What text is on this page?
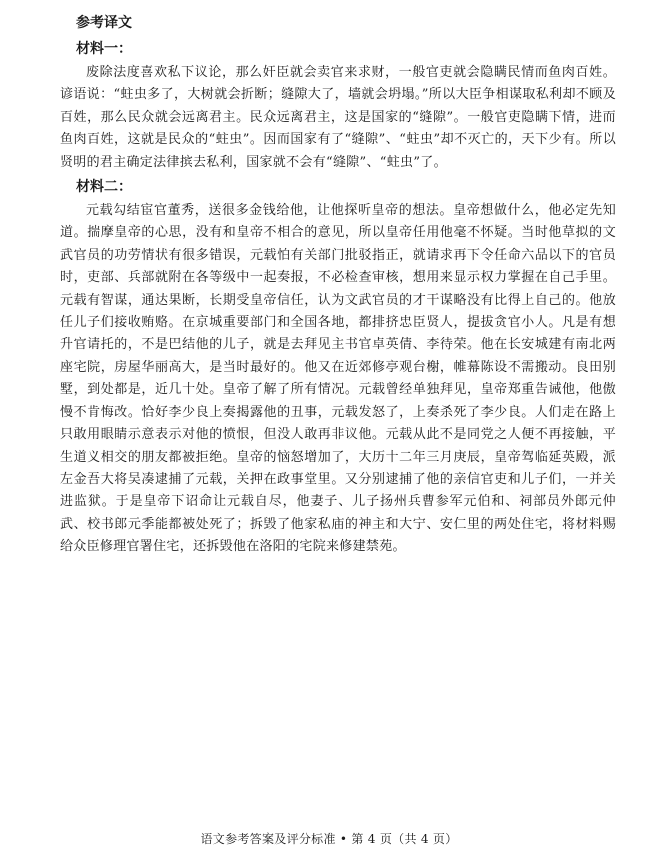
参考译文
材料一：

废除法度喜欢私下议论，那么奸臣就会卖官来求财，一般官吏就会隐瞒民情而鱼肉百姓。谚语说：“蛀虫多了，大树就会折断；缝隙大了，墙就会坍塌。”所以大臣争相谋取私利却不顾及百姓，那么民众就会远离君主。民众远离君主，这是国家的“缝隙”。一般官吏隐瞒下情，进而鱼肉百姓，这就是民众的“蛀虫”。因而国家有了“缝隙”、“蛀虫”却不灭亡的，天下少有。所以贤明的君主确定法律摈去私利，国家就不会有“缝隙”、“蛀虫”了。

材料二：

元载勾结宦官董秀，送很多金钱给他，让他探听皇帝的想法。皇帝想做什么，他必定先知道。揣摩皇帝的心思，没有和皇帝不相合的意见，所以皇帝任用他毫不怀疑。当时他草拟的文武官员的功劳情状有很多错误，元载怕有关部门批驳指正，就请求再下令任命六品以下的官员时，吏部、兵部就附在各等级中一起奏报，不必检查审核，想用来显示权力掌握在自己手里。元载有智谋，通达果断，长期受皇帝信任，认为文武官员的才干谋略没有比得上自己的。他放任儿子们接收贿赂。在京城重要部门和全国各地，都排挤忠臣贤人，提拔贪官小人。凡是有想升官请托的，不是巴结他的儿子，就是去拜见主书官卓英倩、李待荣。他在长安城建有南北两座宅院，房屋华丽高大，是当时最好的。他又在近郊修亭观台榭，帷幕陈设不需搬动。良田别墅，到处都是，近几十处。皇帝了解了所有情况。元载曾经单独拜见，皇帝郑重告诫他，他傲慢不肯悔改。恰好李少良上奏揭露他的丑事，元载发怒了，上奏杀死了李少良。人们走在路上只敢用眼睛示意表示对他的愤恨，但没人敢再非议他。元载从此不是同党之人便不再接触，平生道义相交的朋友都被拒绝。皇帝的恼怒增加了，大历十二年三月庚辰，皇帝驾临延英殿，派左金吾大将吴凑逮捕了元载，关押在政事堂里。又分别逮捕了他的亲信官吏和儿子们，一并关进监狱。于是皇帝下诏命让元载自尽，他妻子、儿子扬州兵曹参军元伯和、祠部员外郎元仲武、校书郎元季能都被处死了；拆毁了他家私庙的神主和大宁、安仁里的两处住宅，将材料赐给众臣修理官署住宅，还拆毁他在洛阳的宅院来修建禁苑。

语文参考答案及评分标准 • 第 4 页（共 4 页）
